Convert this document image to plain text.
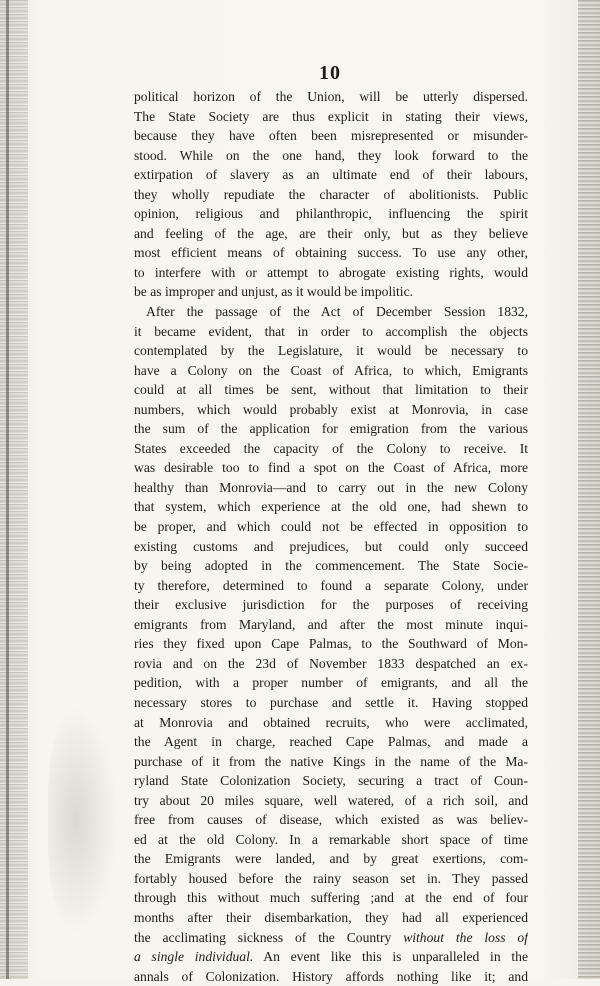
10
political horizon of the Union, will be utterly dispersed.
The State Society are thus explicit in stating their views,
because they have often been misrepresented or misunder-
stood. While on the one hand, they look forward to the
extirpation of slavery as an ultimate end of their labours,
they wholly repudiate the character of abolitionists. Public
opinion, religious and philanthropic, influencing the spirit
and feeling of the age, are their only, but as they believe
most efficient means of obtaining success. To use any other,
to interfere with or attempt to abrogate existing rights, would
be as improper and unjust, as it would be impolitic.
After the passage of the Act of December Session 1832,
it became evident, that in order to accomplish the objects
contemplated by the Legislature, it would be necessary to
have a Colony on the Coast of Africa, to which, Emigrants
could at all times be sent, without that limitation to their
numbers, which would probably exist at Monrovia, in case
the sum of the application for emigration from the various
States exceeded the capacity of the Colony to receive. It
was desirable too to find a spot on the Coast of Africa, more
healthy than Monrovia—and to carry out in the new Colony
that system, which experience at the old one, had shewn to
be proper, and which could not be effected in opposition to
existing customs and prejudices, but could only succeed
by being adopted in the commencement. The State Socie-
ty therefore, determined to found a separate Colony, under
their exclusive jurisdiction for the purposes of receiving
emigrants from Maryland, and after the most minute inqui-
ries they fixed upon Cape Palmas, to the Southward of Mon-
rovia and on the 23d of November 1833 despatched an ex-
pedition, with a proper number of emigrants, and all the
necessary stores to purchase and settle it. Having stopped
at Monrovia and obtained recruits, who were acclimated,
the Agent in charge, reached Cape Palmas, and made a
purchase of it from the native Kings in the name of the Ma-
ryland State Colonization Society, securing a tract of Coun-
try about 20 miles square, well watered, of a rich soil, and
free from causes of disease, which existed as was believ-
ed at the old Colony. In a remarkable short space of time
the Emigrants were landed, and by great exertions, com-
fortably housed before the rainy season set in. They passed
through this without much suffering ;and at the end of four
months after their disembarkation, they had all experienced
the acclimating sickness of the Country without the loss of
a single individual. An event like this is unparalleled in the
annals of Colonization. History affords nothing like it; and
